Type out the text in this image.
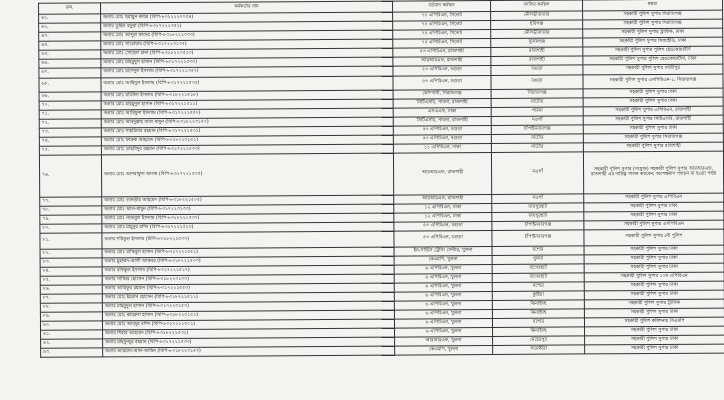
ক্রম.	কর্মকর্তার নাম	বর্তমান কর্মস্থল	বদলির কর্মস্থল	মন্তব্য
৬১.	জনাব মোঃ হুমায়ুন কবির (বিপি-৮৩১২২২০৩৫৪)	৭৫ এপিবিএন, সিলেট	মৌলভীবাজার	সহকারী পুলিশ সুপার সিরাজগঞ্জ
৬২.	জনাব তুহিন বড়ুয়া (বিপি-৮৩১৭২২১৩৫১)	৭৫ এপিবিএন, সিলেট	হবিগঞ্জ	সহকারী পুলিশ সুপার সিরাজগঞ্জ
৬৩.	জনাব মোঃ আব্দুল কাদের (বিপি-৮৩১৮২২১৩৩৩)	৭৫ এপিবিএন, সিলেট	মৌলভীবাজার	সহকারী পুলিশ সুপার ট্রাফিক, ঢাকা
৬৪.	জনাব মোঃ সারোয়ার (বিপি-৮৩১৭২২৩১৩৫)	৭৫ এপিবিএন, সিলেট	সুনামগঞ্জ	সহকারী পুলিশ সুপার সিআইডি, ঢাকা
৬৫.	জনাব মোঃ সোহেল রানা (বিপি-৮৩১৮২২৩৫১৩)	৫৩ এপিবিএন, রাজশাহী	রাজশাহী	সহকারী পুলিশ সুপার পুলিশ হেডকোয়ার্টার্স
৬৬.	জনাব মোঃ মাহমুদুল হাসান (বিপি-৮৩১৭২২১৫৩৩)	আরআরএফ, রাজশাহী	রাজশাহী	সহকারী পুলিশ সুপার পুলিশ হেডকোয়ার্টার্স, ঢাকা
৬৭.	জনাব মোঃ রাশেদুল ইসলাম (বিপি-৮৩১৭২২১৩৫৭)	৫৩ এপিবিএন, বগুড়া	বগুড়া	সহকারী পুলিশ সুপার গাজীপুর
৬৮.	জনাব মোঃ জাহিদুল ইসলাম (বিপি-৮৩১৭২২১৫৩৫)	৫৩ এপিবিএন, বগুড়া	বগুড়া	সহকারী পুলিশ সুপার এসপিবিএন-১, সিরাজগঞ্জ
৬৯.	জনাব মোঃ রবিউল ইসলাম (বিপি-৮৩১৮২২১৫১৮)	কোম্পানী, সিরাজগঞ্জ	সিরাজগঞ্জ	সহকারী পুলিশ সুপার ঢাকা
৭০.	জনাব মোঃ মাহমুদুল হাসান (বিপি-৮৩১৭২২১৫১১)	সিটিএসবি, পাবনা, রাজশাহী	নাটোর	সহকারী পুলিশ সুপার ঢাকা
৭১.	জনাব মোঃ আরিফুল ইসলাম (বিপি-৮৩১৭২২১৫৫০)	এসএএফ, ঢাকা	পাবনা	সহকারী পুলিশ সুপার এপিবিএন, রাজশাহী
৭২.	জনাব মোঃ আবদুল্লাহ আল মামুন (বিপি-৮৩১৮২২৩১৫০)	সিটিএসবি, পাবনা, রাজশাহী	নওগাঁ	সহকারী পুলিশ সুপার সিটিএসবি, রাজশাহী
৭৩.	জনাব মোঃ শাহরিয়ার রহমান (বিপি-৮৩১৭২২১৫৩১)	৫৩ এপিবিএন, বগুড়া	চাঁপাইনবাবগঞ্জ	সহকারী পুলিশ সুপার ঢাকা
৭৪.	জনাব মোঃ ফারুক আহমেদ (বিপি-৮৩১৮২২৩১৫১)	৫৩ এপিবিএন, বগুড়া	নাটোর	সহকারী পুলিশ সুপার সিরাজগঞ্জ
৭৫.	জনাব মোঃ তাহমিদুর রহমান (বিপি-৮৩১৭২২১৫৩৩)	১১ এপিবিএন, ঢাকা	নাটোর	সহকারী পুলিশ সুপার রাজশাহী
৭৬.	জনাব মোঃ আশরাফুল আলম (বিপি-৮৩১৭২২১৫৩৫)	আরআরএফ, রাজশাহী	নওগাঁ	সহকারী পুলিশ সুপার (সংযুক্ত) সহকারী পুলিশ সুপার আরআরএফ, রাজশাহী এর দায়িত্ব পালন করবেন; অপেক্ষমাণ পদায়ন না হওয়া পর্যন্ত
৭৭.	জনাব মোঃ তানভীর আহমেদ (বিপি-৮৩১৮২২১৫০৫)	আরআরএফ, রাজশাহী	নওগাঁ	সহকারী পুলিশ সুপার এপিবিএন
৭৮.	জনাব মোঃ আল-মামুন (বিপি-৮৩১৭২২৩১৩৩)	১২ এপিবিএন, ঢাকা	জয়পুরহাট	সহকারী পুলিশ সুপার ঢাকা
৭৯.	জনাব মোঃ নাজমুল ইসলাম (বিপি-৮৩১৮২২১৫৩৭)	১২ এপিবিএন, ঢাকা	জয়পুরহাট	সহকারী পুলিশ সুপার ঢাকা
৮০.	জনাব মোঃ মামুনুর রশিদ (বিপি-৮৩১৭২২১৫১৩)	৫৩ এপিবিএন, বগুড়া	চাঁপাইনবাবগঞ্জ	সহকারী পুলিশ সুপার এসপিবিএন
৮১.	জনাব শরিফুল ইসলাম (বিপি-৮৩১৮২২১৫৩৩)	৫৩ এপিবিএন, বগুড়া	চাঁপাইনবাবগঞ্জ	সহকারী পুলিশ সুপার নৌ পুলিশ
৮২.	জনাব মোঃ রাকিবুল হাসান (বিপি-৮৩১৭২২১৫৫১)	ইন-সার্ভিস ট্রেনিং সেন্টার, খুলনা	যশোর	সহকারী পুলিশ সুপার ঢাকা
৮৩.	জনাব মুহাম্মদ-আলী আকবর (বিপি-৮৩১৮২২১৫০৩)	কেএমপি, খুলনা	খুলনা	সহকারী পুলিশ সুপার ঢাকা
৮৪.	জনাব রফিকুল ইসলাম (বিপি-৮৩১৭২২১৫১৭)	৬ এপিবিএন, খুলনা	বাগেরহাট	সহকারী পুলিশ সুপার ঢাকা
৮৫.	জনাব সাব্বির হোসেন (বিপি-৮৩১৮২২৩১৩৩)	৬ এপিবিএন, খুলনা	বাগেরহাট	সহকারী পুলিশ সুপার ১০ম এপিবিএন
৮৬.	জনাব আরিফুর রহমান (বিপি-৮৩১৭২২১৫৫৩)	৬ এপিবিএন, খুলনা	যশোর	সহকারী পুলিশ সুপার ঢাকা
৮৭.	জনাব মোঃ ইমরান হোসেন (বিপি-৮৩১৮২২১৫১১)	৬ এপিবিএন, খুলনা	কুষ্টিয়া	সহকারী পুলিশ সুপার ঢাকা
৮৮.	জনাব মাহমুদুল হাসান (বিপি-৮৩১৭২২৩১৫৩)	৬ এপিবিএন, খুলনা	ঝিনাইদহ	সহকারী পুলিশ সুপার ট্রাফিক
৮৯.	জনাব মোঃ কামরুল হাসান (বিপি-৮৩১৮২২৩১৫১)	৬ এপিবিএন, খুলনা	ঝিনাইদহ	সহকারী পুলিশ সুপার ঢাকা
৯০.	জনাব মোঃ আবদুর রশিদ (বিপি-৮৩১৭২২১৫০১)	৬ এপিবিএন, খুলনা	যশোর	সহকারী পুলিশ কমিশনার সিএমপি
৯১.	জনাব শিহাব আহমেদ (বিপি-৮৩১৮২২১৫৩১)	৬ এপিবিএন, খুলনা	ঝিনাইদহ	সহকারী পুলিশ সুপার ঢাকা
৯২.	জনাব মাহফুজুর রহমান (বিপি-৮৩১৭২২১৫৩৩)	আরআরএফ, খুলনা	মেহেরপুর	সহকারী পুলিশ সুপার ঢাকা
৯৩.	জনাব আরমান-আল-আমিন (বিপি-৮৩১৮২২৩১৫৩)	কেএমপি, খুলনা	সাতক্ষীরা	সহকারী পুলিশ সুপার ঢাকা
